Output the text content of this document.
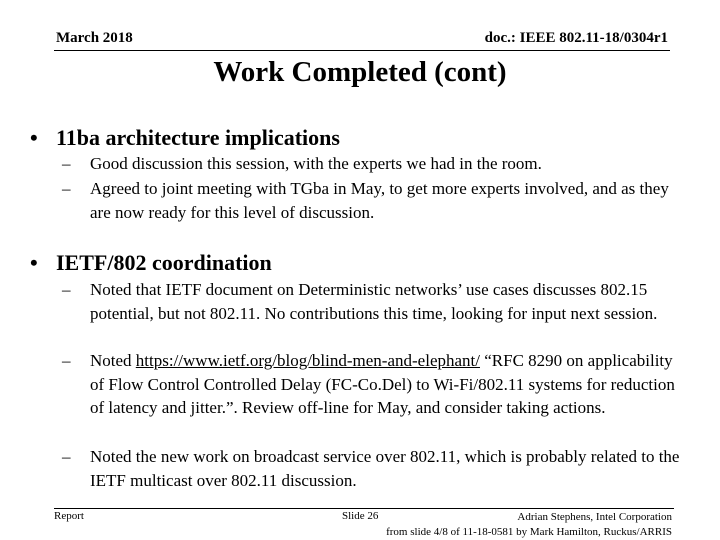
March 2018	doc.: IEEE 802.11-18/0304r1
Work Completed (cont)
• 11ba architecture implications
–	Good discussion this session, with the experts we had in the room.
–	Agreed to joint meeting with TGba in May, to get more experts involved, and as they are now ready for this level of discussion.
• IETF/802 coordination
–	Noted that IETF document on Deterministic networks’ use cases discusses 802.15 potential, but not 802.11. No contributions this time, looking for input next session.
–	Noted https://www.ietf.org/blog/blind-men-and-elephant/ “RFC 8290 on applicability of Flow Control Controlled Delay (FC-Co.Del) to Wi-Fi/802.11 systems for reduction of latency and jitter.”. Review off-line for May, and consider taking actions.
–	Noted the new work on broadcast service over 802.11, which is probably related to the IETF multicast over 802.11 discussion.
Report	Slide 26	Adrian Stephens, Intel Corporation
from slide 4/8 of 11-18-0581 by Mark Hamilton, Ruckus/ARRIS
